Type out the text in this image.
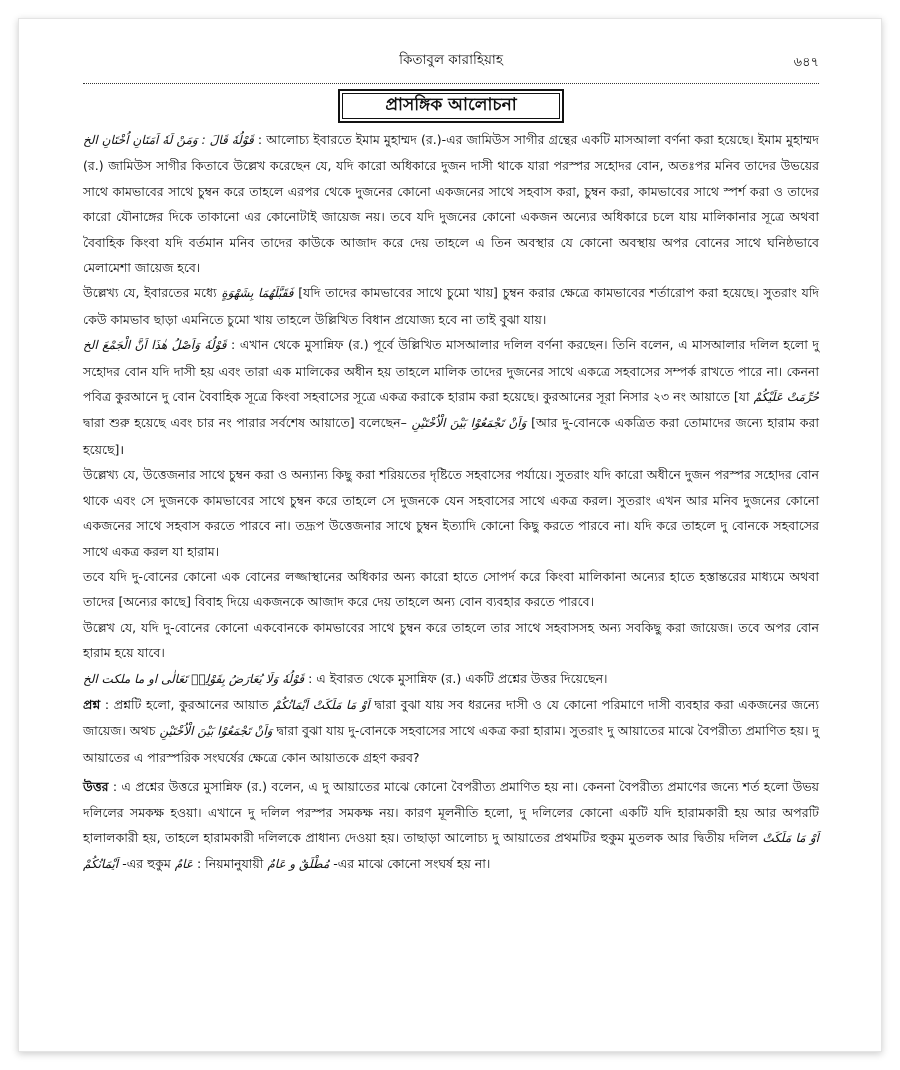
কিতাবুল কারাহিয়াহ	৬৪৭
প্রাসঙ্গিক আলোচনা

قَوْلُهٗ قَالَ : وَمَنْ لَهٗ اَمَتَانِ اُخْتَانِ الخ : আলোচ্য ইবারতে ইমাম মুহাম্মদ (র.)-এর জামিউস সাগীর গ্রন্থের একটি মাসআলা বর্ণনা করা হয়েছে। ইমাম মুহাম্মদ (র.) জামিউস সাগীর কিতাবে উল্লেখ করেছেন যে, যদি কারো অধিকারে দুজন দাসী থাকে যারা পরস্পর সহোদর বোন, অতঃপর মনিব তাদের উভয়ের সাথে কামভাবের সাথে চুম্বন করে তাহলে এরপর থেকে দুজনের কোনো একজনের সাথে সহবাস করা, চুম্বন করা, কামভাবের সাথে স্পর্শ করা ও তাদের কারো যৌনাঙ্গের দিকে তাকানো এর কোনোটাই জায়েজ নয়। তবে যদি দুজনের কোনো একজন অন্যের অধিকারে চলে যায় মালিকানার সূত্রে অথবা বৈবাহিক কিংবা যদি বর্তমান মনিব তাদের কাউকে আজাদ করে দেয় তাহলে এ তিন অবস্থার যে কোনো অবস্থায় অপর বোনের সাথে ঘনিষ্ঠভাবে মেলামেশা জায়েজ হবে।

উল্লেখ্য যে, ইবারতের মধ্যে فَقَبَّلَهُمَا بِشَهْوَةٍ [যদি তাদের কামভাবের সাথে চুমো খায়] চুম্বন করার ক্ষেত্রে কামভাবের শর্তারোপ করা হয়েছে। সুতরাং যদি কেউ কামভাব ছাড়া এমনিতে চুমো খায় তাহলে উল্লিখিত বিধান প্রযোজ্য হবে না তাই বুঝা যায়।

قَوْلُهٗ وَاَصْلُ هٰذَا اَنَّ الْجَمْعَ الخ : এখান থেকে মুসান্নিফ (র.) পূর্বে উল্লিখিত মাসআলার দলিল বর্ণনা করছেন। তিনি বলেন, এ মাসআলার দলিল হলো দু সহোদর বোন যদি দাসী হয় এবং তারা এক মালিকের অধীন হয় তাহলে মালিক তাদের দুজনের সাথে একত্রে সহবাসের সম্পর্ক রাখতে পারে না। কেননা পবিত্র কুরআনে দু বোন বৈবাহিক সূত্রে কিংবা সহবাসের সূত্রে একত্র করাকে হারাম করা হয়েছে। কুরআনের সূরা নিসার ২৩ নং আয়াতে [যা حُرِّمَتْ عَلَيْكُمْ দ্বারা শুরু হয়েছে এবং চার নং পারার সর্বশেষ আয়াতে] বলেছেন– وَاَنْ تَجْمَعُوْا بَيْنَ الْاُخْتَيْنِ [আর দু-বোনকে একত্রিত করা তোমাদের জন্যে হারাম করা হয়েছে]।

উল্লেখ্য যে, উত্তেজনার সাথে চুম্বন করা ও অন্যান্য কিছু করা শরিয়তের দৃষ্টিতে সহবাসের পর্যায়ে। সুতরাং যদি কারো অধীনে দুজন পরস্পর সহোদর বোন থাকে এবং সে দুজনকে কামভাবের সাথে চুম্বন করে তাহলে সে দুজনকে যেন সহবাসের সাথে একত্র করল। সুতরাং এখন আর মনিব দুজনের কোনো একজনের সাথে সহবাস করতে পারবে না। তদ্রূপ উত্তেজনার সাথে চুম্বন ইত্যাদি কোনো কিছু করতে পারবে না। যদি করে তাহলে দু বোনকে সহবাসের সাথে একত্র করল যা হারাম।

তবে যদি দু-বোনের কোনো এক বোনের লজ্জাস্থানের অধিকার অন্য কারো হাতে সোপর্দ করে কিংবা মালিকানা অন্যের হাতে হস্তান্তরের মাধ্যমে অথবা তাদের [অন্যের কাছে] বিবাহ দিয়ে একজনকে আজাদ করে দেয় তাহলে অন্য বোন ব্যবহার করতে পারবে।

উল্লেখ যে, যদি দু-বোনের কোনো একবোনকে কামভাবের সাথে চুম্বন করে তাহলে তার সাথে সহবাসসহ অন্য সবকিছু করা জায়েজ। তবে অপর বোন হারাম হয়ে যাবে।

قَوْلُهٗ وَلَا يُعَارَضُ بِقَوْلِهٖ تَعَالٰى او ما ملكت الخ : এ ইবারত থেকে মুসান্নিফ (র.) একটি প্রশ্নের উত্তর দিয়েছেন।

প্রশ্ন : প্রশ্নটি হলো, কুরআনের আয়াত اَوْ مَا مَلَكَتْ اَيْمَانُكُمْ দ্বারা বুঝা যায় সব ধরনের দাসী ও যে কোনো পরিমাণে দাসী ব্যবহার করা একজনের জন্যে জায়েজ। অথচ وَاَنْ تَجْمَعُوْا بَيْنَ الْاُخْتَيْنِ দ্বারা বুঝা যায় দু-বোনকে সহবাসের সাথে একত্র করা হারাম। সুতরাং দু আয়াতের মাঝে বৈপরীত্য প্রমাণিত হয়। দু আয়াতের এ পারস্পরিক সংঘর্ষের ক্ষেত্রে কোন আয়াতকে গ্রহণ করব?

উত্তর : এ প্রশ্নের উত্তরে মুসান্নিফ (র.) বলেন, এ দু আয়াতের মাঝে কোনো বৈপরীত্য প্রমাণিত হয় না। কেননা বৈপরীত্য প্রমাণের জন্যে শর্ত হলো উভয় দলিলের সমকক্ষ হওয়া। এখানে দু দলিল পরস্পর সমকক্ষ নয়। কারণ মূলনীতি হলো, দু দলিলের কোনো একটি যদি হারামকারী হয় আর অপরটি হালালকারী হয়, তাহলে হারামকারী দলিলকে প্রাধান্য দেওয়া হয়। তাছাড়া আলোচ্য দু আয়াতের প্রথমটির হুকুম মুতলক আর দ্বিতীয় দলিল اَوْ مَا مَلَكَتْ اَيْمَانُكُمْ -এর হুকুম عَامٌ : নিয়মানুযায়ী مُطْلَقٌ و عَامٌ -এর মাঝে কোনো সংঘর্ষ হয় না।
